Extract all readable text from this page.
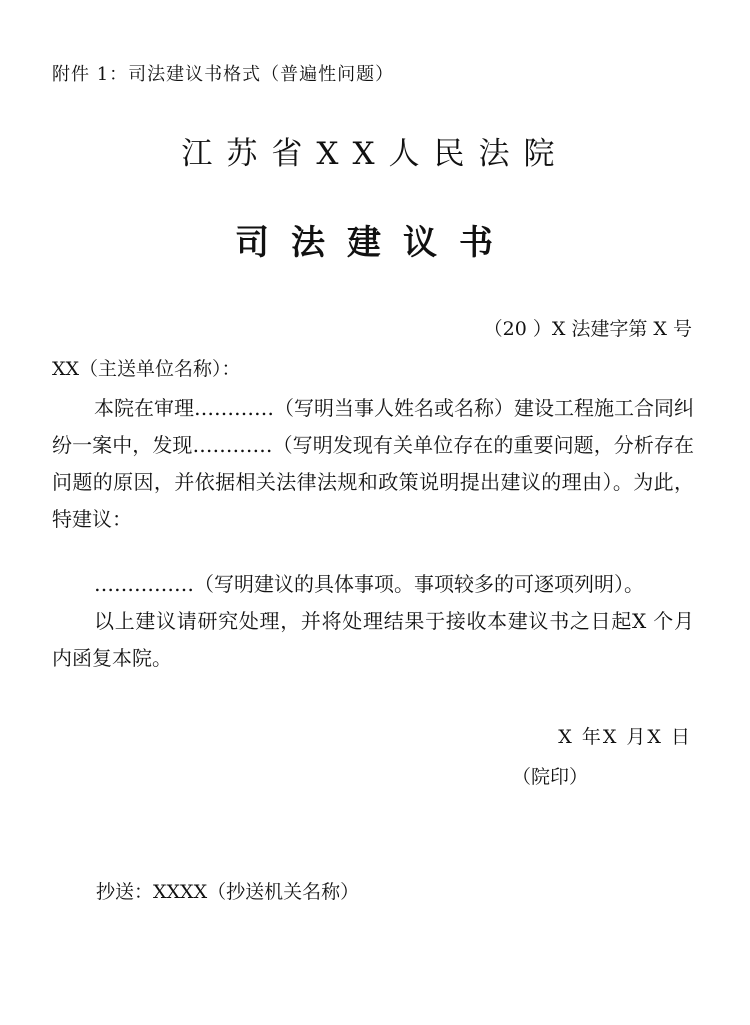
附件 1：司法建议书格式（普遍性问题）
江苏省XX人民法院
司法建议书
（20 ）X 法建字第 X 号
XX（主送单位名称）：

本院在审理…………（写明当事人姓名或名称）建设工程施工合同纠纷一案中，发现…………（写明发现有关单位存在的重要问题，分析存在问题的原因，并依据相关法律法规和政策说明提出建议的理由）。为此，特建议：

……………（写明建议的具体事项。事项较多的可逐项列明）。

以上建议请研究处理，并将处理结果于接收本建议书之日起X 个月内函复本院。

X 年X 月X 日
（院印）
抄送：XXXX（抄送机关名称）
